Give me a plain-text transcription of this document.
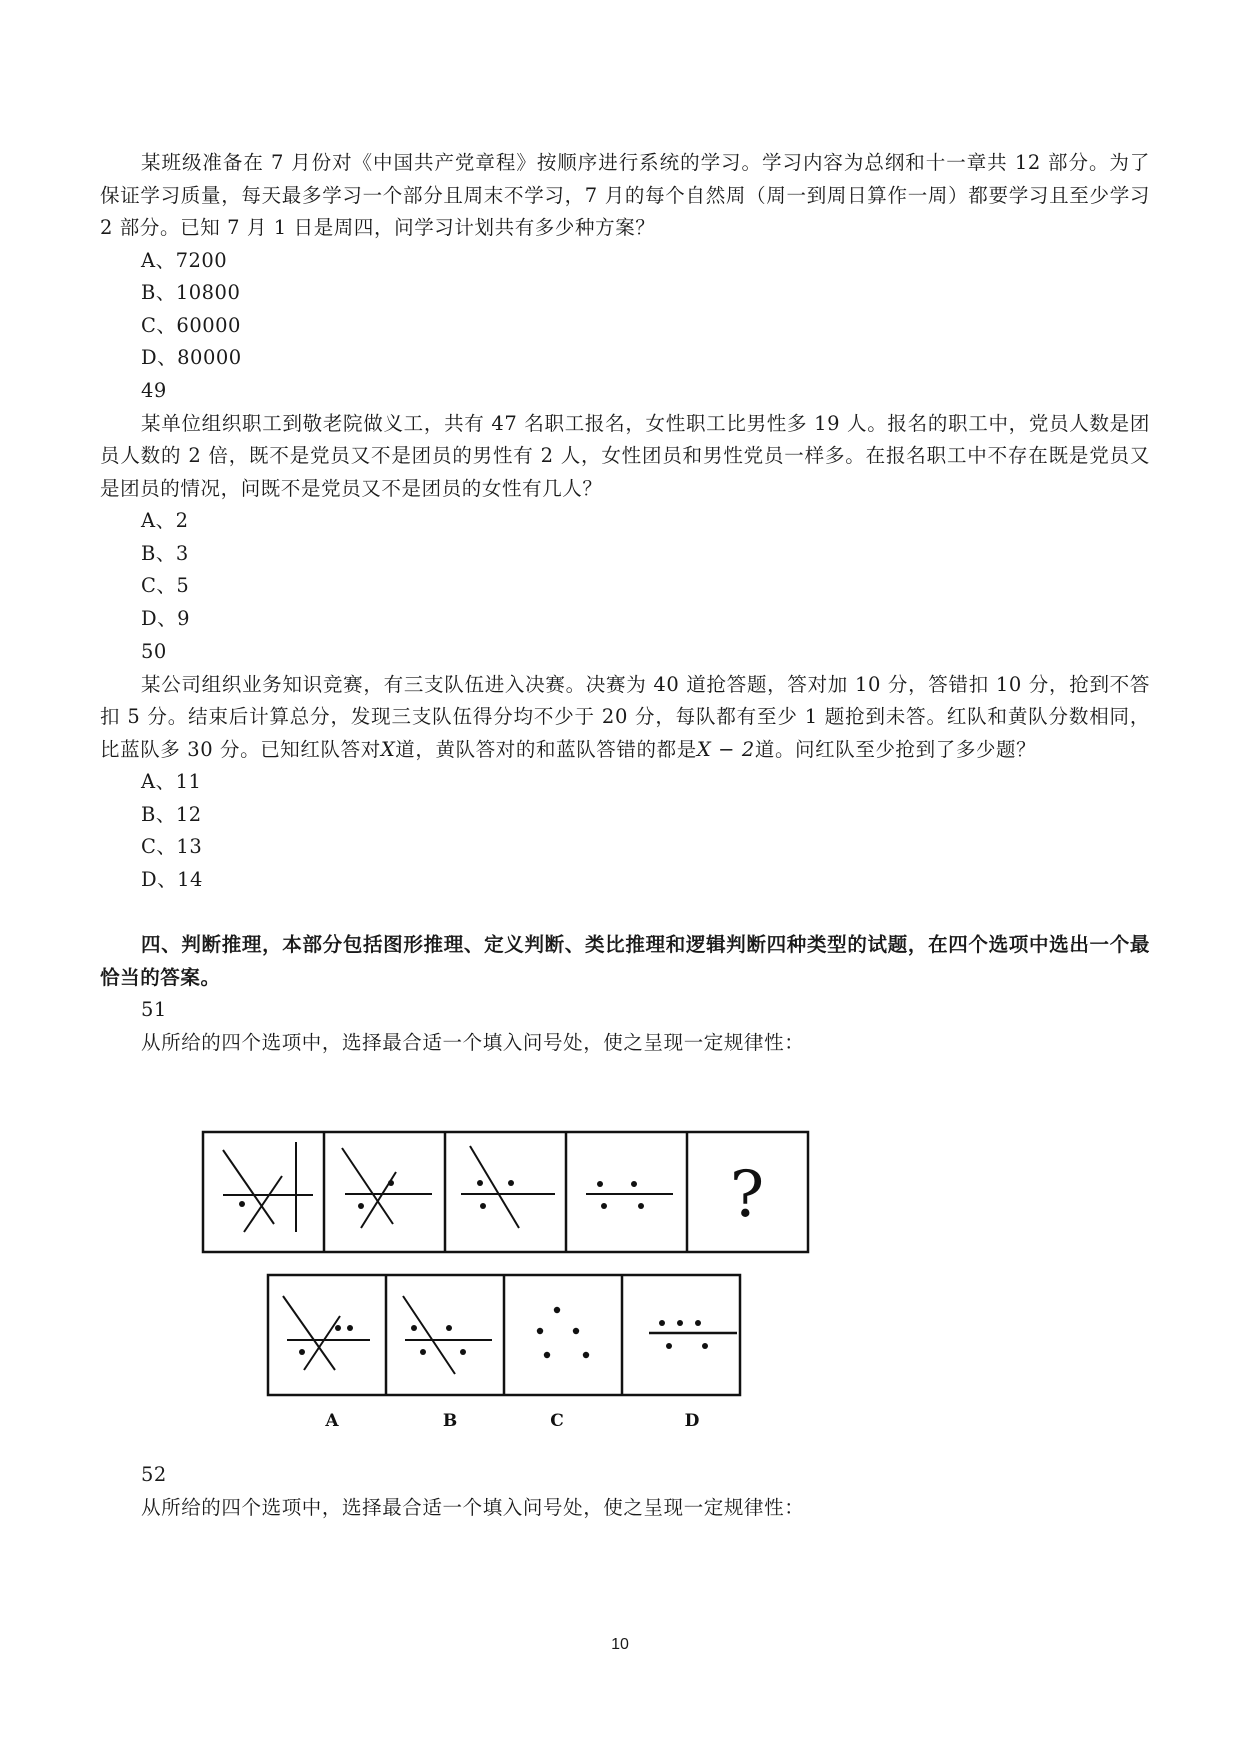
某班级准备在 7 月份对《中国共产党章程》按顺序进行系统的学习。学习内容为总纲和十一章共 12 部分。为了保证学习质量，每天最多学习一个部分且周末不学习，7 月的每个自然周（周一到周日算作一周）都要学习且至少学习 2 部分。已知 7 月 1 日是周四，问学习计划共有多少种方案？

A、7200

B、10800

C、60000

D、80000

49

某单位组织职工到敬老院做义工，共有 47 名职工报名，女性职工比男性多 19 人。报名的职工中，党员人数是团员人数的 2 倍，既不是党员又不是团员的男性有 2 人，女性团员和男性党员一样多。在报名职工中不存在既是党员又是团员的情况，问既不是党员又不是团员的女性有几人？

A、2

B、3

C、5

D、9

50

某公司组织业务知识竞赛，有三支队伍进入决赛。决赛为 40 道抢答题，答对加 10 分，答错扣 10 分，抢到不答扣 5 分。结束后计算总分，发现三支队伍得分均不少于 20 分，每队都有至少 1 题抢到未答。红队和黄队分数相同，比蓝队多 30 分。已知红队答对X道，黄队答对的和蓝队答错的都是X − 2道。问红队至少抢到了多少题？

A、11

B、12

C、13

D、14

四、判断推理，本部分包括图形推理、定义判断、类比推理和逻辑判断四种类型的试题，在四个选项中选出一个最恰当的答案。

51

从所给的四个选项中，选择最合适一个填入问号处，使之呈现一定规律性：

?
A	B	C	D

52

从所给的四个选项中，选择最合适一个填入问号处，使之呈现一定规律性：

10
